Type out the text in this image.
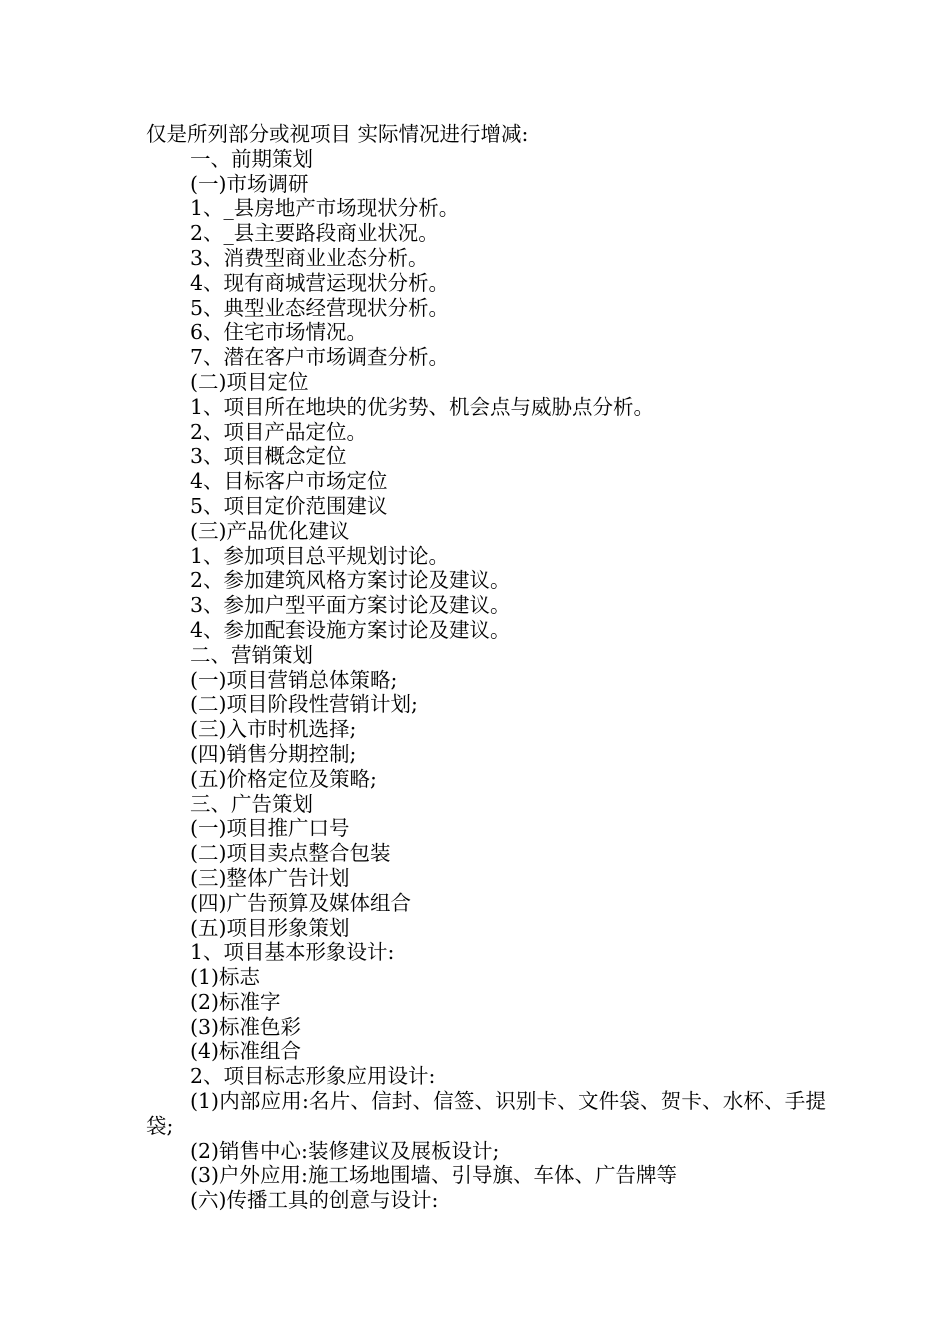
仅是所列部分或视项目 实际情况进行增减:
一、前期策划
(一)市场调研
1、_县房地产市场现状分析。
2、_县主要路段商业状况。
3、消费型商业业态分析。
4、现有商城营运现状分析。
5、典型业态经营现状分析。
6、住宅市场情况。
7、潜在客户市场调查分析。
(二)项目定位
1、项目所在地块的优劣势、机会点与威胁点分析。
2、项目产品定位。
3、项目概念定位
4、目标客户市场定位
5、项目定价范围建议
(三)产品优化建议
1、参加项目总平规划讨论。
2、参加建筑风格方案讨论及建议。
3、参加户型平面方案讨论及建议。
4、参加配套设施方案讨论及建议。
二、营销策划
(一)项目营销总体策略;
(二)项目阶段性营销计划;
(三)入市时机选择;
(四)销售分期控制;
(五)价格定位及策略;
三、广告策划
(一)项目推广口号
(二)项目卖点整合包装
(三)整体广告计划
(四)广告预算及媒体组合
(五)项目形象策划
1、项目基本形象设计:
(1)标志
(2)标准字
(3)标准色彩
(4)标准组合
2、项目标志形象应用设计:
(1)内部应用:名片、信封、信签、识别卡、文件袋、贺卡、水杯、手提袋;
(2)销售中心:装修建议及展板设计;
(3)户外应用:施工场地围墙、引导旗、车体、广告牌等
(六)传播工具的创意与设计:
